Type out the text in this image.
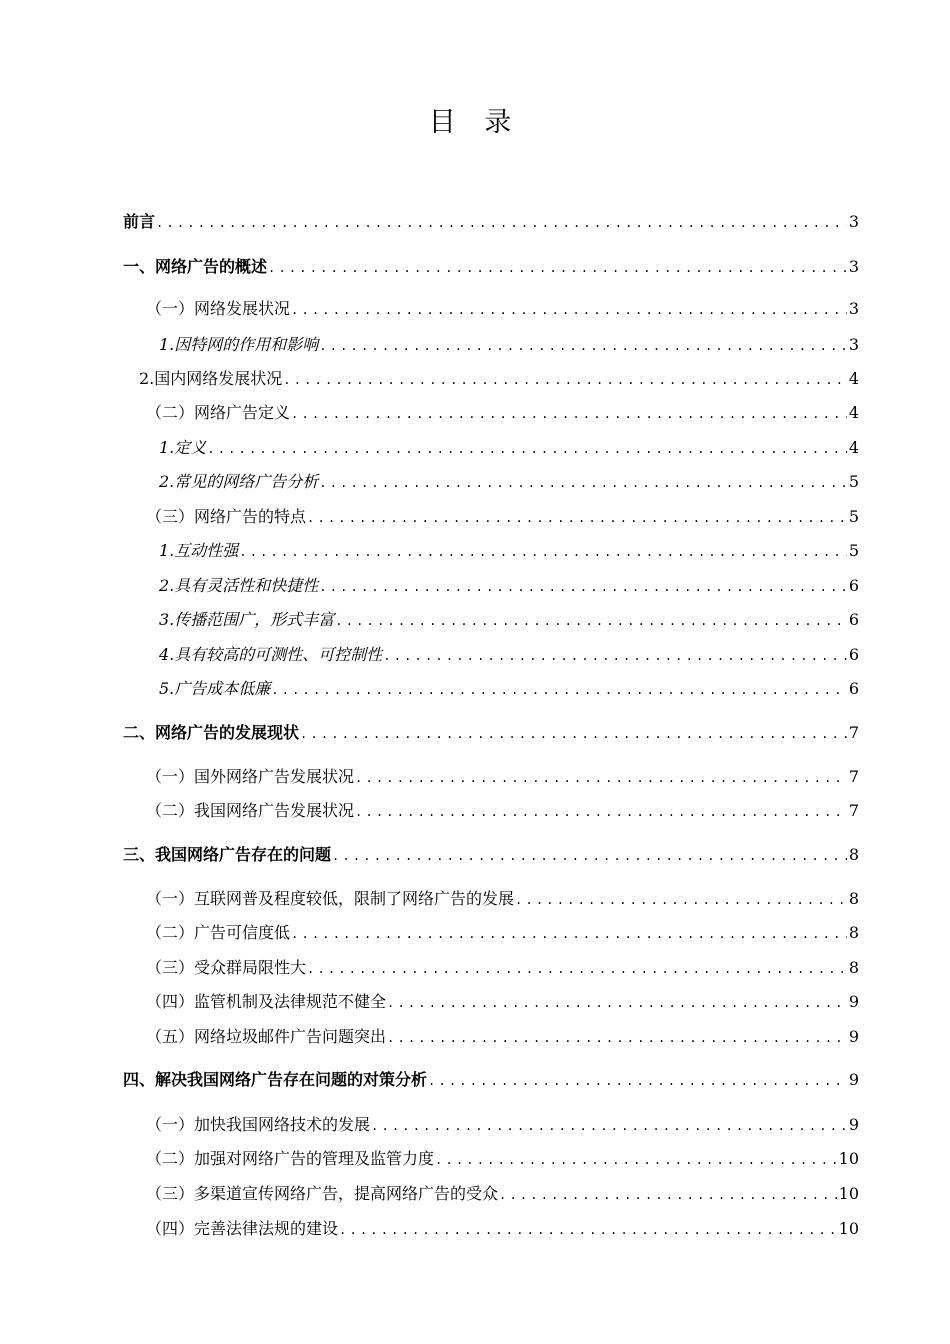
目 录
前言 .....	3
一、网络广告的概述 .....	3
（一）网络发展状况 .....	3
1.因特网的作用和影响 .....	3
2.国内网络发展状况 .....	4
（二）网络广告定义 .....	4
1.定义 .....	4
2.常见的网络广告分析 .....	5
（三）网络广告的特点 .....	5
1.互动性强 .....	5
2.具有灵活性和快捷性 .....	6
3.传播范围广，形式丰富 .....	6
4.具有较高的可测性、可控制性 .....	6
5.广告成本低廉 .....	6
二、网络广告的发展现状 .....	7
（一）国外网络广告发展状况 .....	7
（二）我国网络广告发展状况 .....	7
三、我国网络广告存在的问题 .....	8
（一）互联网普及程度较低，限制了网络广告的发展 .....	8
（二）广告可信度低 .....	8
（三）受众群局限性大 .....	8
（四）监管机制及法律规范不健全 .....	9
（五）网络垃圾邮件广告问题突出 .....	9
四、解决我国网络广告存在问题的对策分析 .....	9
（一）加快我国网络技术的发展 .....	9
（二）加强对网络广告的管理及监管力度 .....	10
（三）多渠道宣传网络广告，提高网络广告的受众 .....	10
（四）完善法律法规的建设 .....	10
